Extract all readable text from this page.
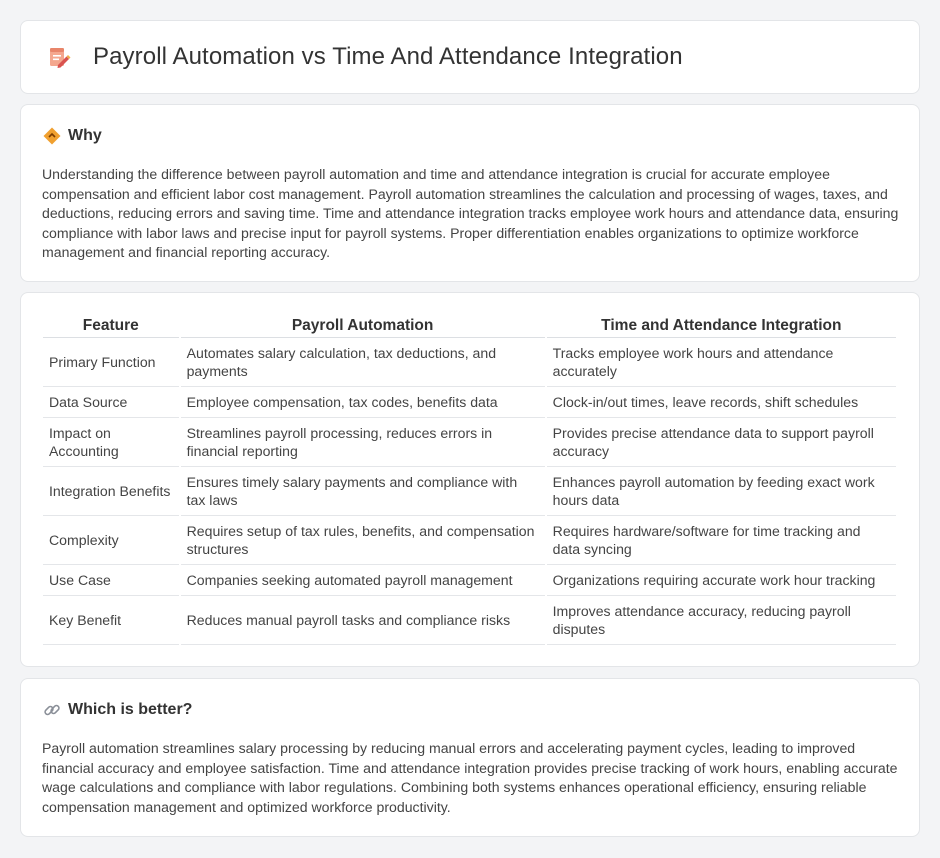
Payroll Automation vs Time And Attendance Integration
Why

Understanding the difference between payroll automation and time and attendance integration is crucial for accurate employee compensation and efficient labor cost management. Payroll automation streamlines the calculation and processing of wages, taxes, and deductions, reducing errors and saving time. Time and attendance integration tracks employee work hours and attendance data, ensuring compliance with labor laws and precise input for payroll systems. Proper differentiation enables organizations to optimize workforce management and financial reporting accuracy.

Feature	Payroll Automation	Time and Attendance Integration
Primary Function	Automates salary calculation, tax deductions, and payments	Tracks employee work hours and attendance accurately
Data Source	Employee compensation, tax codes, benefits data	Clock-in/out times, leave records, shift schedules
Impact on Accounting	Streamlines payroll processing, reduces errors in financial reporting	Provides precise attendance data to support payroll accuracy
Integration Benefits	Ensures timely salary payments and compliance with tax laws	Enhances payroll automation by feeding exact work hours data
Complexity	Requires setup of tax rules, benefits, and compensation structures	Requires hardware/software for time tracking and data syncing
Use Case	Companies seeking automated payroll management	Organizations requiring accurate work hour tracking
Key Benefit	Reduces manual payroll tasks and compliance risks	Improves attendance accuracy, reducing payroll disputes
Which is better?

Payroll automation streamlines salary processing by reducing manual errors and accelerating payment cycles, leading to improved financial accuracy and employee satisfaction. Time and attendance integration provides precise tracking of work hours, enabling accurate wage calculations and compliance with labor regulations. Combining both systems enhances operational efficiency, ensuring reliable compensation management and optimized workforce productivity.
